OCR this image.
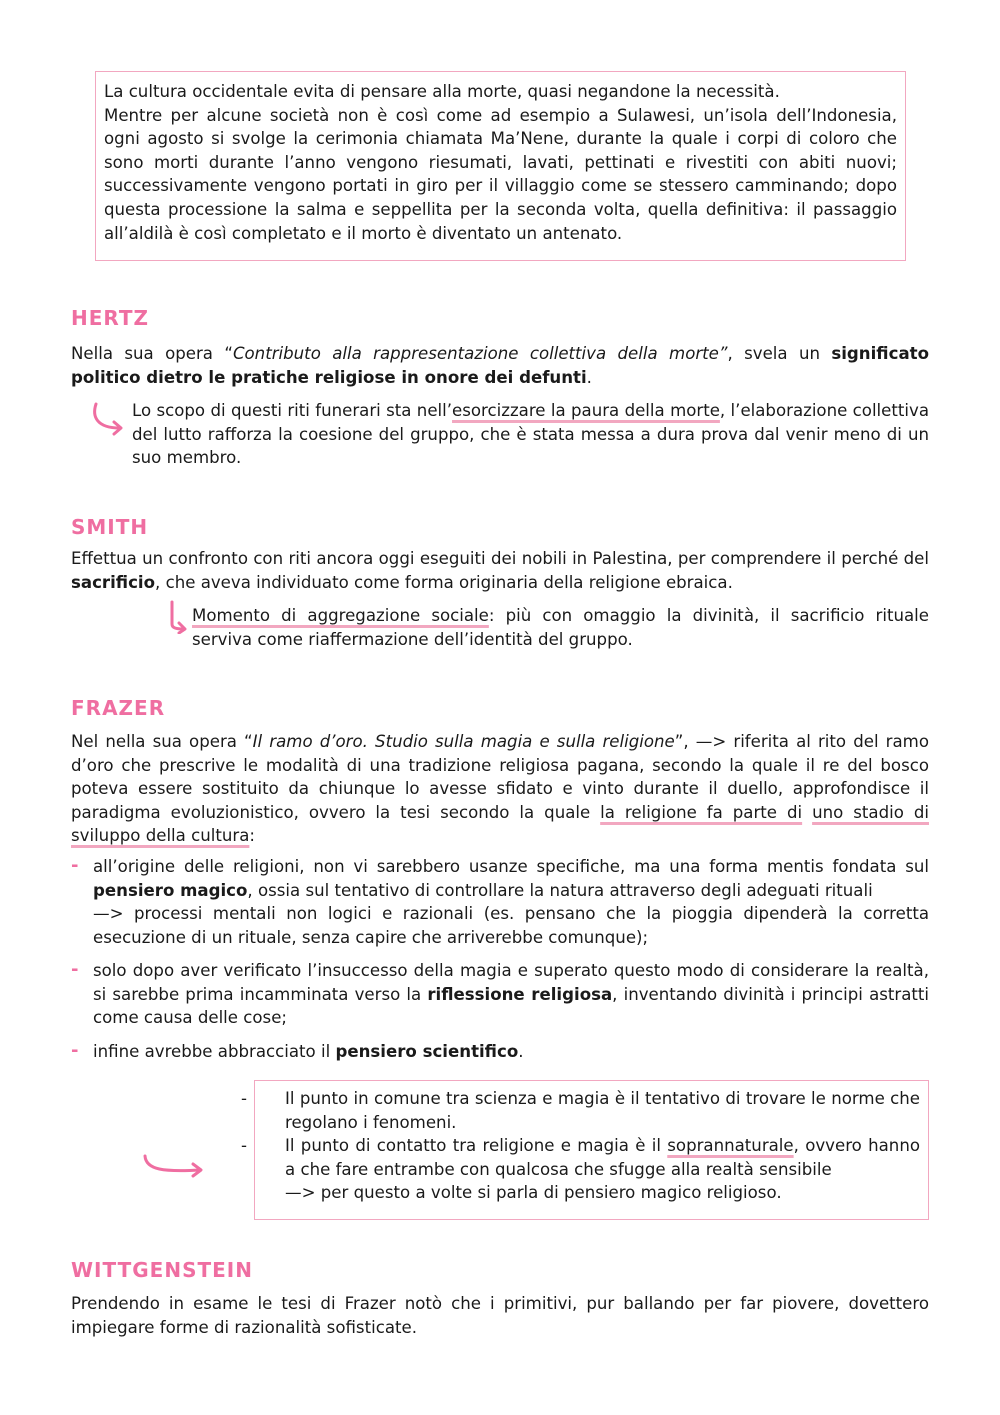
La cultura occidentale evita di pensare alla morte, quasi negandone la necessità.
Mentre per alcune società non è così come ad esempio a Sulawesi, un’isola dell’Indonesia, ogni agosto si svolge la cerimonia chiamata Ma’Nene, durante la quale i corpi di coloro che sono morti durante l’anno vengono riesumati, lavati, pettinati e rivestiti con abiti nuovi; successivamente vengono portati in giro per il villaggio come se stessero camminando; dopo questa processione la salma e seppellita per la seconda volta, quella definitiva: il passaggio all’aldilà è così completato e il morto è diventato un antenato.
HERTZ
Nella sua opera “Contributo alla rappresentazione collettiva della morte”, svela un significato politico dietro le pratiche religiose in onore dei defunti.
Lo scopo di questi riti funerari sta nell’esorcizzare la paura della morte, l’elaborazione collettiva del lutto rafforza la coesione del gruppo, che è stata messa a dura prova dal venir meno di un suo membro.
SMITH
Effettua un confronto con riti ancora oggi eseguiti dei nobili in Palestina, per comprendere il perché del sacrificio, che aveva individuato come forma originaria della religione ebraica.
Momento di aggregazione sociale: più con omaggio la divinità, il sacrificio rituale serviva come riaffermazione dell’identità del gruppo.
FRAZER
Nel nella sua opera “Il ramo d’oro. Studio sulla magia e sulla religione”, —> riferita al rito del ramo d’oro che prescrive le modalità di una tradizione religiosa pagana, secondo la quale il re del bosco poteva essere sostituito da chiunque lo avesse sfidato e vinto durante il duello, approfondisce il paradigma evoluzionistico, ovvero la tesi secondo la quale la religione fa parte di uno stadio di sviluppo della cultura:
- all’origine delle religioni, non vi sarebbero usanze specifiche, ma una forma mentis fondata sul pensiero magico, ossia sul tentativo di controllare la natura attraverso degli adeguati rituali
—> processi mentali non logici e razionali (es. pensano che la pioggia dipenderà la corretta esecuzione di un rituale, senza capire che arriverebbe comunque);
- solo dopo aver verificato l’insuccesso della magia e superato questo modo di considerare la realtà,   si sarebbe prima incamminata verso la riflessione religiosa, inventando divinità i principi astratti come causa delle cose;
- infine avrebbe abbracciato il pensiero scientifico.
- Il punto in comune tra scienza e magia è il tentativo di trovare le norme che regolano i fenomeni.
- Il punto di contatto tra religione e magia è il soprannaturale, ovvero hanno a che fare entrambe con qualcosa che sfugge alla realtà sensibile
—> per questo a volte si parla di pensiero magico religioso.
WITTGENSTEIN
Prendendo in esame le tesi di Frazer notò che i primitivi, pur ballando per far piovere, dovettero impiegare forme di razionalità sofisticate.
